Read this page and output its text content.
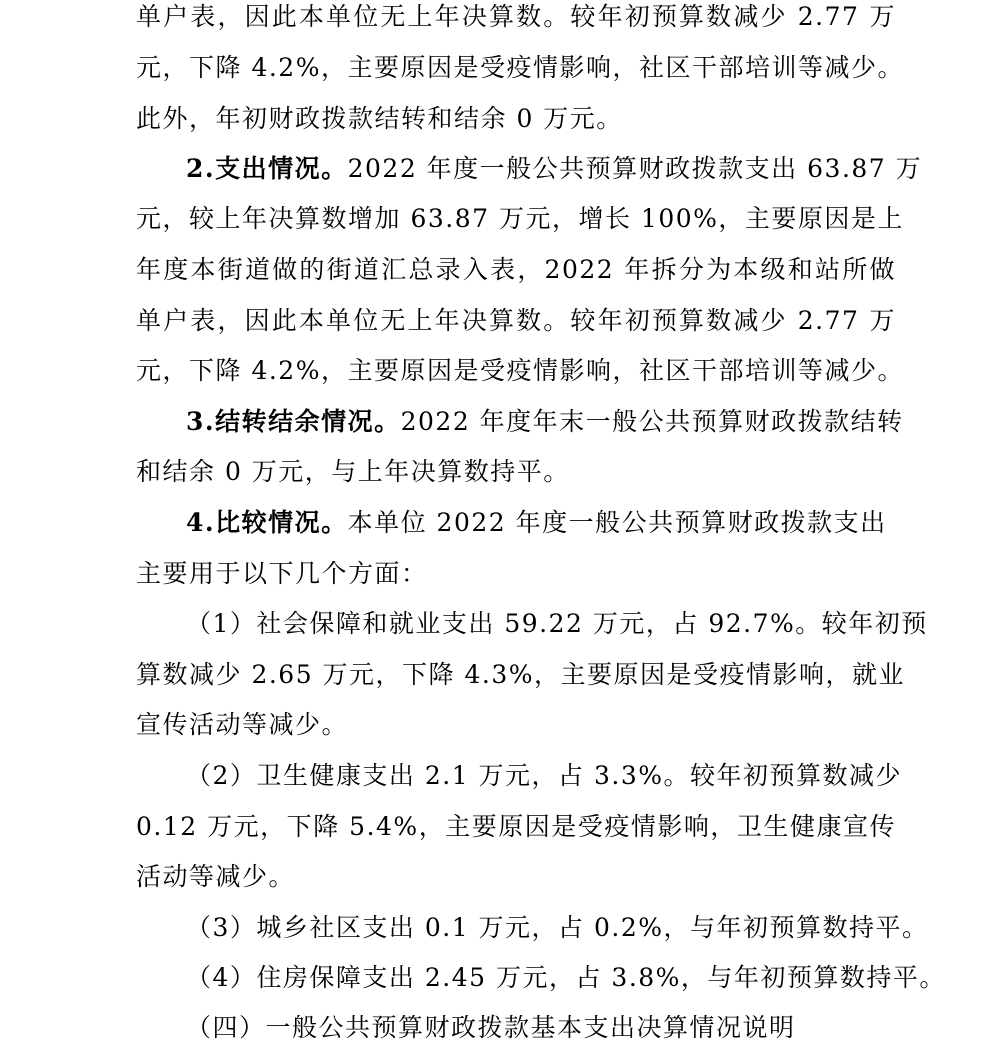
单户表，因此本单位无上年决算数。较年初预算数减少 2.77 万
元，下降 4.2%，主要原因是受疫情影响，社区干部培训等减少。
此外，年初财政拨款结转和结余 0 万元。
2.支出情况。2022 年度一般公共预算财政拨款支出 63.87 万
元，较上年决算数增加 63.87 万元，增长 100%，主要原因是上
年度本街道做的街道汇总录入表，2022 年拆分为本级和站所做
单户表，因此本单位无上年决算数。较年初预算数减少 2.77 万
元，下降 4.2%，主要原因是受疫情影响，社区干部培训等减少。
3.结转结余情况。2022 年度年末一般公共预算财政拨款结转
和结余 0 万元，与上年决算数持平。
4.比较情况。本单位 2022 年度一般公共预算财政拨款支出
主要用于以下几个方面：
（1）社会保障和就业支出 59.22 万元，占 92.7%。较年初预
算数减少 2.65 万元，下降 4.3%，主要原因是受疫情影响，就业
宣传活动等减少。
（2）卫生健康支出 2.1 万元，占 3.3%。较年初预算数减少
0.12 万元，下降 5.4%，主要原因是受疫情影响，卫生健康宣传
活动等减少。
（3）城乡社区支出 0.1 万元，占 0.2%，与年初预算数持平。
（4）住房保障支出 2.45 万元，占 3.8%，与年初预算数持平。
（四）一般公共预算财政拨款基本支出决算情况说明
